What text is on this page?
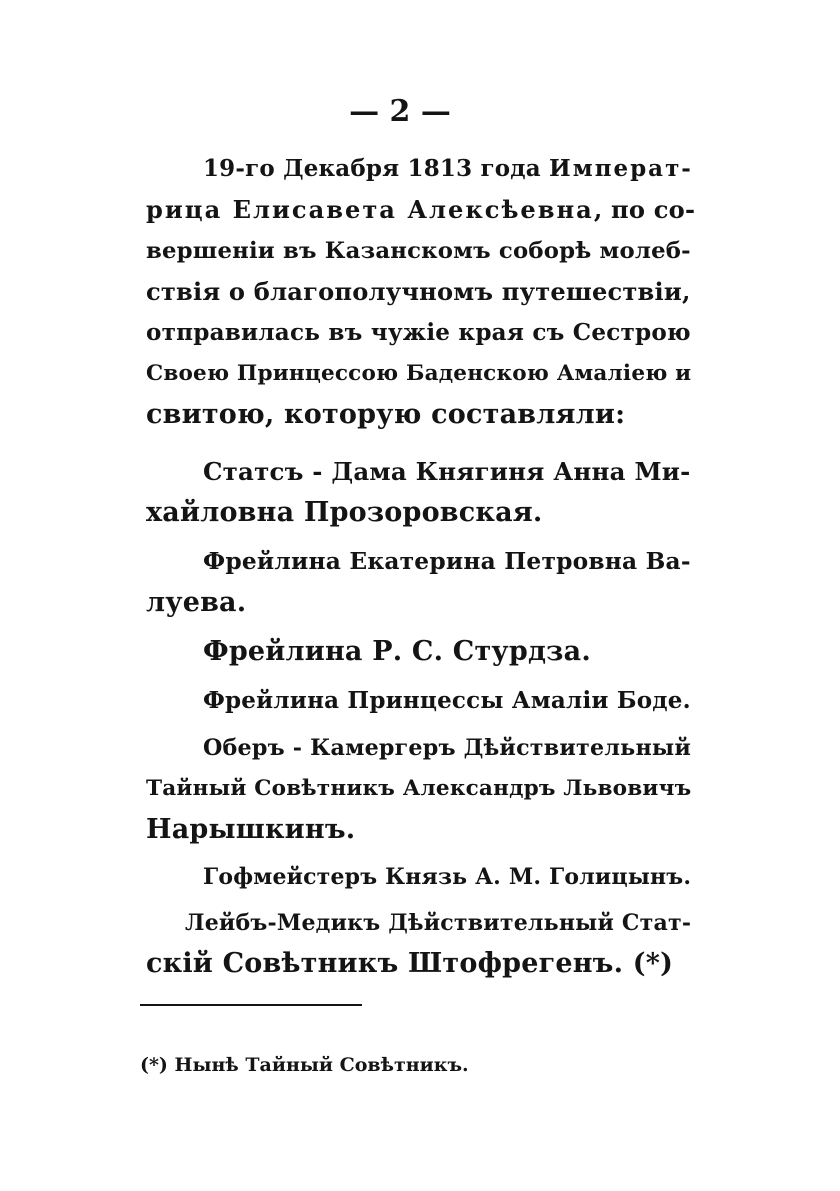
— 2 —
19-го Декабря 1813 года Императ-
рица Елисавета Алексѣевна, по со-
вершеніи въ Казанскомъ соборѣ молеб-
ствія о благополучномъ путешествіи,
отправилась въ чужіе края съ Сестрою
Своею Принцессою Баденскою Амаліею и
свитою, которую составляли:
Статсъ - Дама Княгиня Анна Ми-
хайловна Прозоровская.
Фрейлина Екатерина Петровна Ва-
луева.
Фрейлина Р. С. Стурдза.
Фрейлина Принцессы Амаліи Боде.
Оберъ - Камергеръ Дѣйствительный
Тайный Совѣтникъ Александръ Львовичъ
Нарышкинъ.
Гофмейстеръ Князь А. М. Голицынъ.
Лейбъ-Медикъ Дѣйствительный Стат-
скій Совѣтникъ Штофрегенъ. (*)
(*) Нынѣ Тайный Совѣтникъ.
